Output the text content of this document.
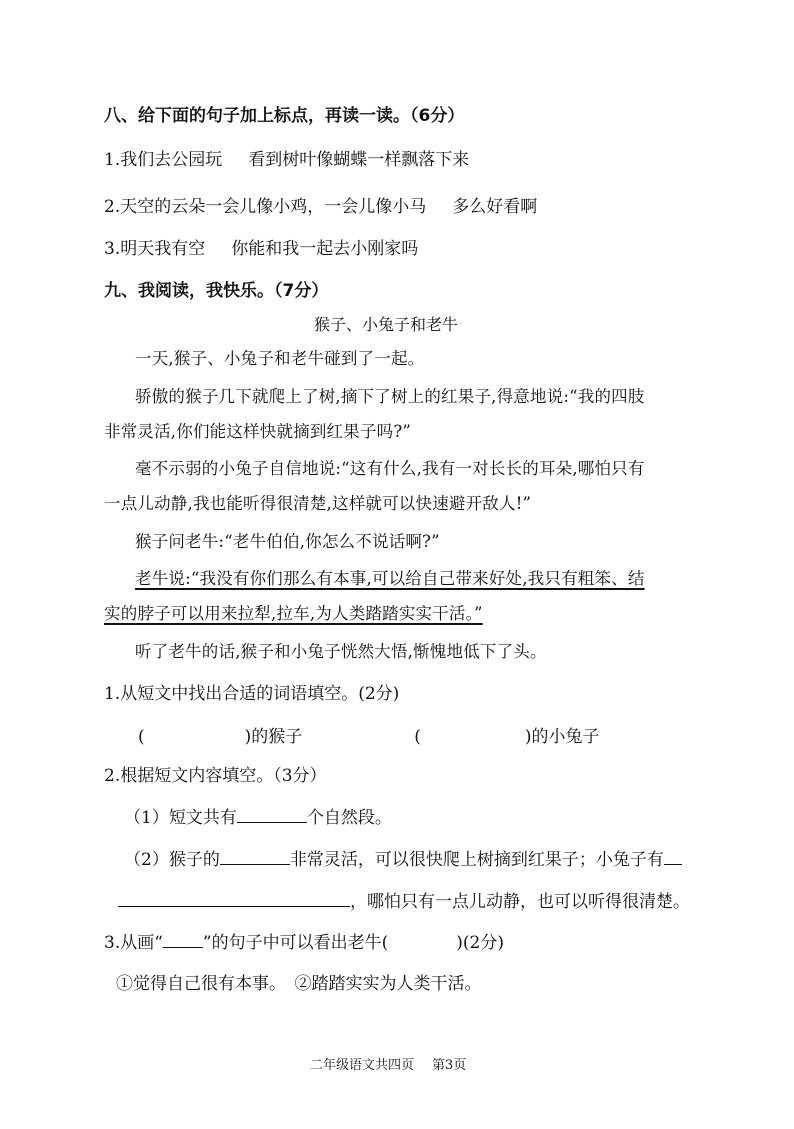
八、给下面的句子加上标点，再读一读。（6分）
1.我们去公园玩 看到树叶像蝴蝶一样飘落下来
2.天空的云朵一会儿像小鸡，一会儿像小马 多么好看啊
3.明天我有空 你能和我一起去小刚家吗
九、我阅读，我快乐。（7分）
猴子、小兔子和老牛
一天,猴子、小兔子和老牛碰到了一起。
骄傲的猴子几下就爬上了树,摘下了树上的红果子,得意地说:“我的四肢
非常灵活,你们能这样快就摘到红果子吗?”
毫不示弱的小兔子自信地说:“这有什么,我有一对长长的耳朵,哪怕只有
一点儿动静,我也能听得很清楚,这样就可以快速避开敌人!”
猴子问老牛:“老牛伯伯,你怎么不说话啊?”
老牛说:“我没有你们那么有本事,可以给自己带来好处,我只有粗笨、结
实的脖子可以用来拉犁,拉车,为人类踏踏实实干活。”
听了老牛的话,猴子和小兔子恍然大悟,惭愧地低下了头。
1.从短文中找出合适的词语填空。(2分)
(	)的猴子	(	)的小兔子
2.根据短文内容填空。（3分）
（1）短文共有	个自然段。
（2）猴子的	非常灵活，可以很快爬上树摘到红果子；小兔子有
，哪怕只有一点儿动静，也可以听得很清楚。
3.从画“ ”的句子中可以看出老牛(	)(2分)
①觉得自己很有本事。　②踏踏实实为人类干活。
二年级语文共四页 第3页
